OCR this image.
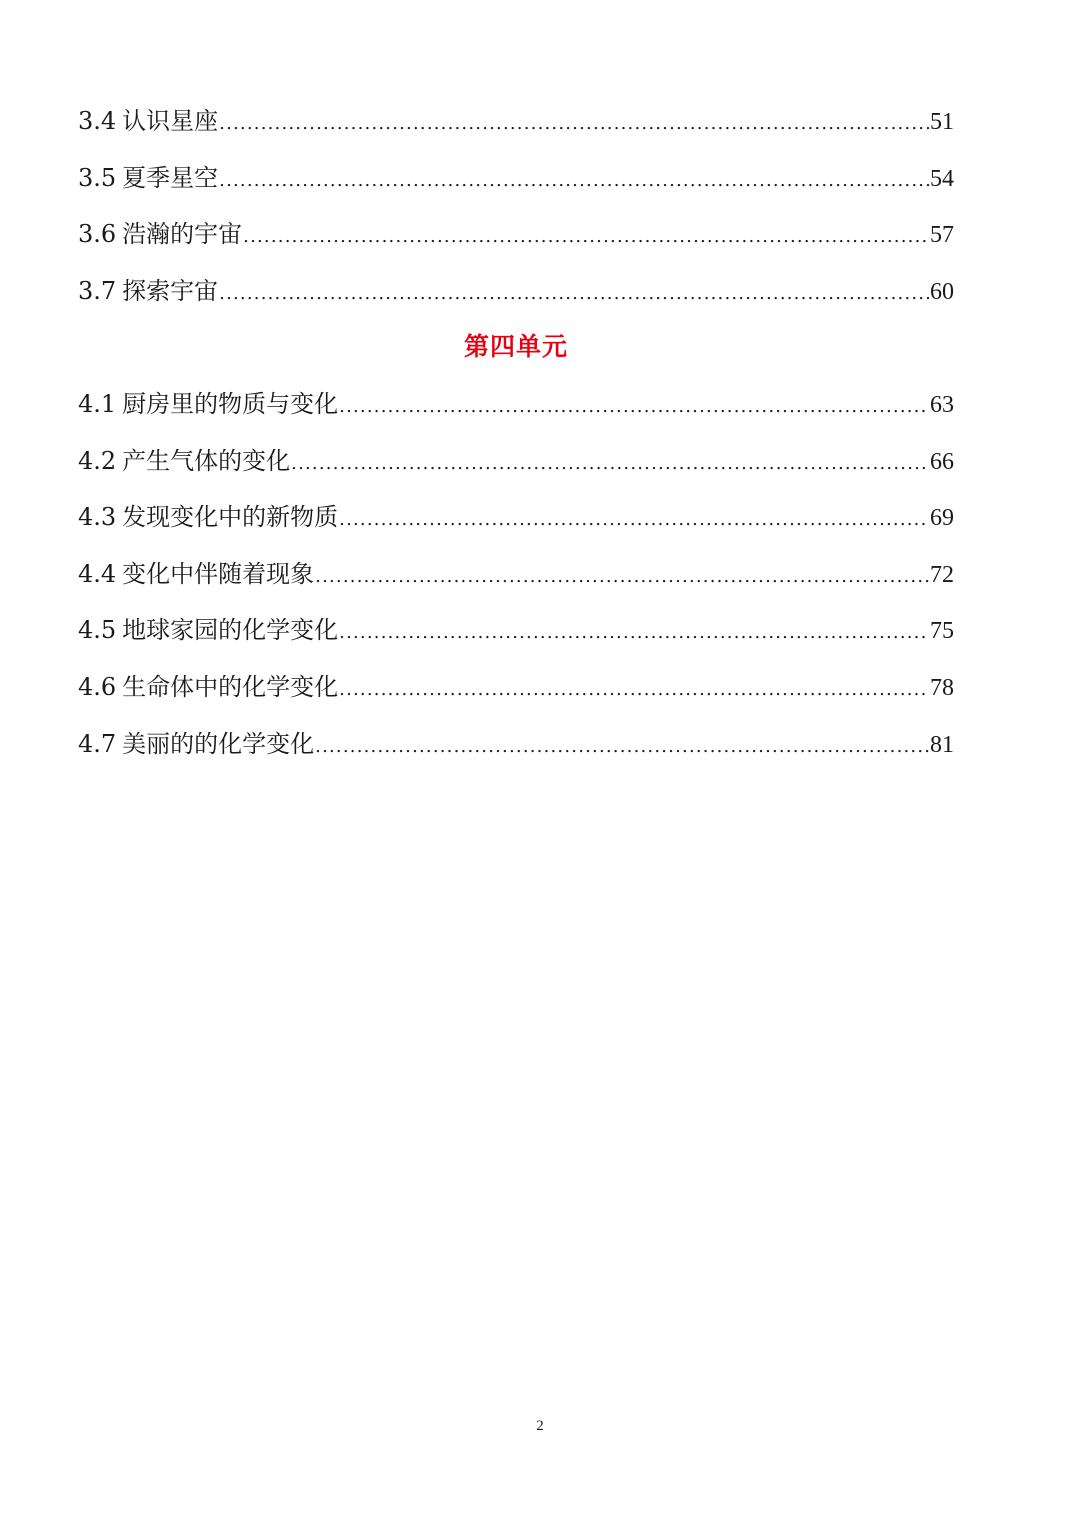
3.4 认识星座 .....	51
3.5 夏季星空 .....	54
3.6 浩瀚的宇宙 .....	57
3.7 探索宇宙 .....	60
第四单元
4.1 厨房里的物质与变化 .....	63
4.2 产生气体的变化 .....	66
4.3 发现变化中的新物质 .....	69
4.4 变化中伴随着现象 .....	72
4.5 地球家园的化学变化 .....	75
4.6 生命体中的化学变化 .....	78
4.7 美丽的的化学变化 .....	81
2
